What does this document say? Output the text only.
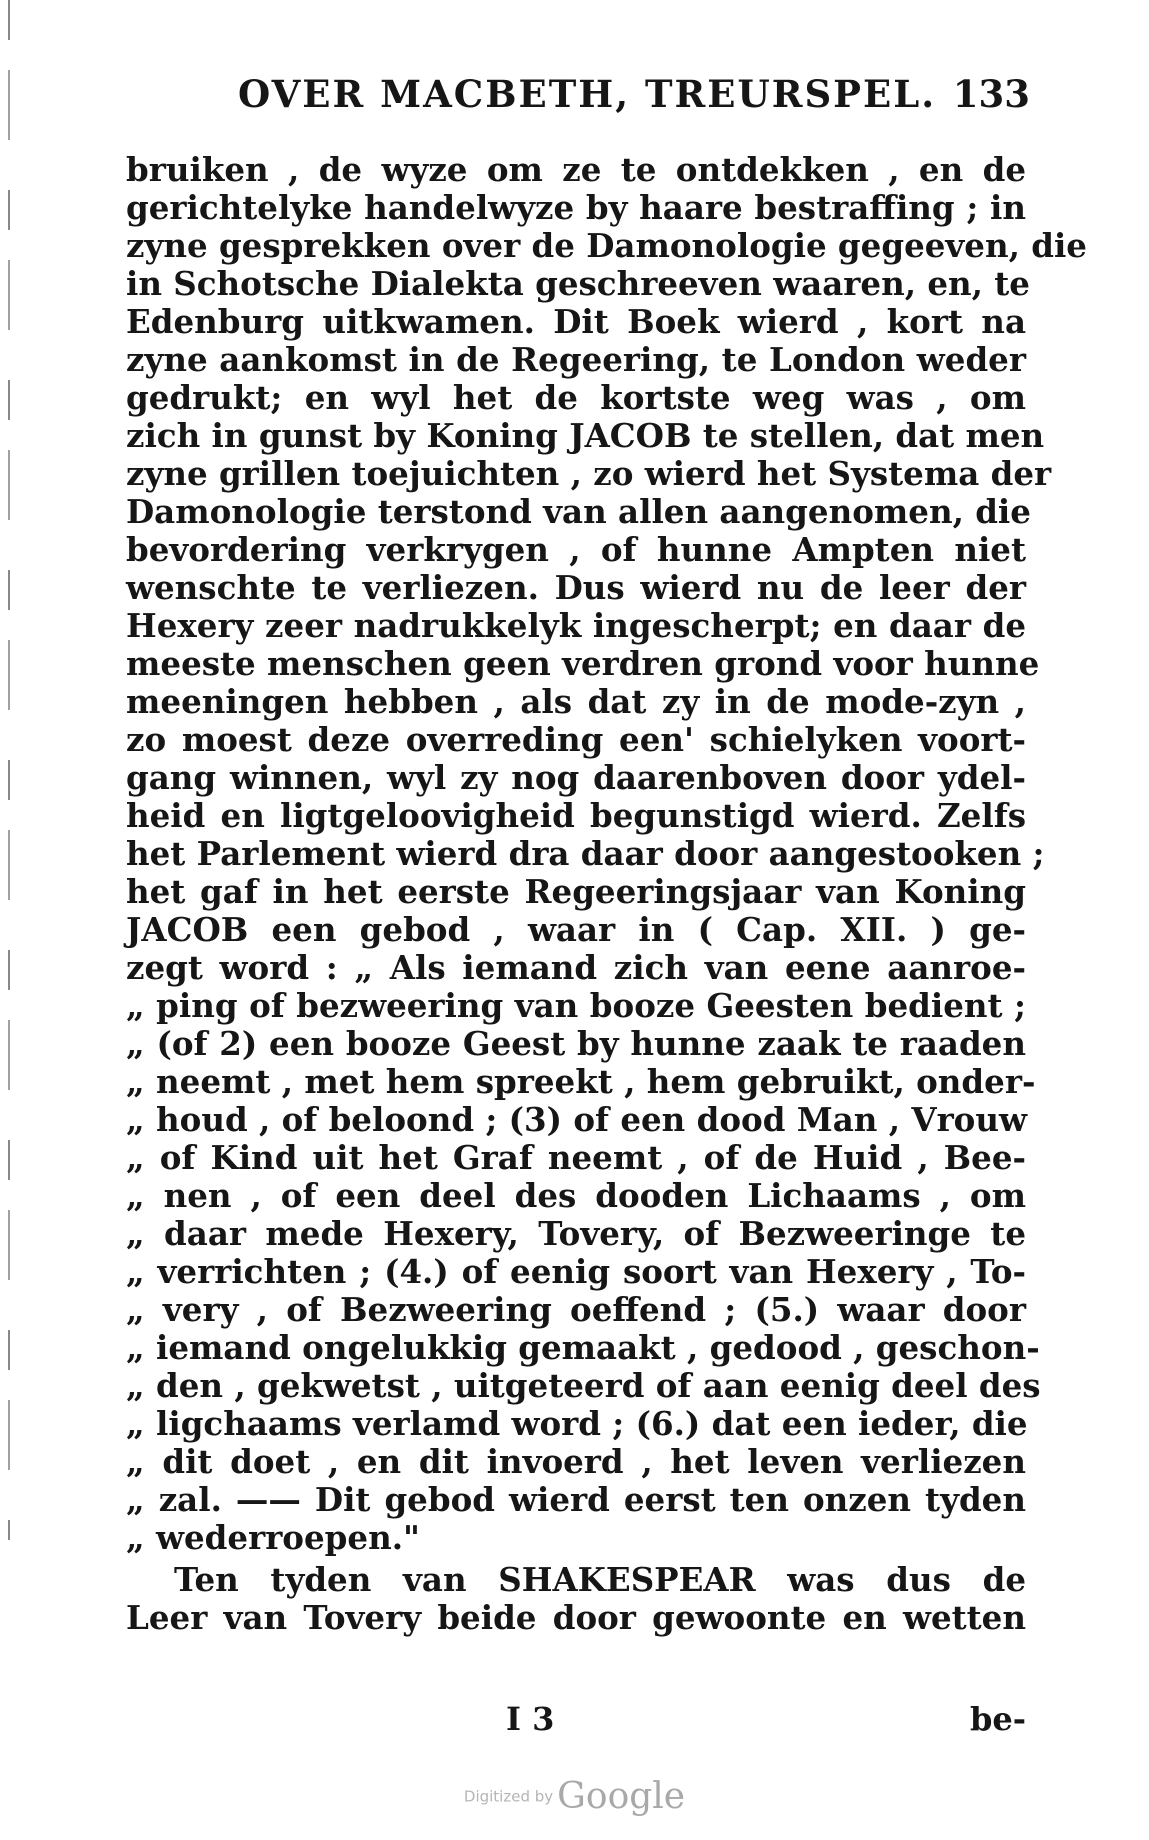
OVER MACBETH, TREURSPEL. 133
bruiken , de wyze om ze te ontdekken , en de
gerichtelyke handelwyze by haare bestraffing ; in
zyne gesprekken over de Damonologie gegeeven, die
in Schotsche Dialekta geschreeven waaren, en, te
Edenburg uitkwamen. Dit Boek wierd , kort na
zyne aankomst in de Regeering, te London weder
gedrukt; en wyl het de kortste weg was , om
zich in gunst by Koning JACOB te stellen, dat men
zyne grillen toejuichten , zo wierd het Systema der
Damonologie terstond van allen aangenomen, die
bevordering verkrygen , of hunne Ampten niet
wenschte te verliezen. Dus wierd nu de leer der
Hexery zeer nadrukkelyk ingescherpt; en daar de
meeste menschen geen verdren grond voor hunne
meeningen hebben , als dat zy in de mode-zyn ,
zo moest deze overreding een' schielyken voort-
gang winnen, wyl zy nog daarenboven door ydel-
heid en ligtgeloovigheid begunstigd wierd. Zelfs
het Parlement wierd dra daar door aangestooken ;
het gaf in het eerste Regeeringsjaar van Koning
JACOB een gebod , waar in ( Cap. XII. ) ge-
zegt word : „ Als iemand zich van eene aanroe-
„ ping of bezweering van booze Geesten bedient ;
„ (of 2) een booze Geest by hunne zaak te raaden
„ neemt , met hem spreekt , hem gebruikt, onder-
„ houd , of beloond ; (3) of een dood Man , Vrouw
„ of Kind uit het Graf neemt , of de Huid , Bee-
„ nen , of een deel des dooden Lichaams , om
„ daar mede Hexery, Tovery, of Bezweeringe te
„ verrichten ; (4.) of eenig soort van Hexery , To-
„ very , of Bezweering oeffend ; (5.) waar door
„ iemand ongelukkig gemaakt , gedood , geschon-
„ den , gekwetst , uitgeteerd of aan eenig deel des
„ ligchaams verlamd word ; (6.) dat een ieder, die
„ dit doet , en dit invoerd , het leven verliezen
„ zal. —— Dit gebod wierd eerst ten onzen tyden
„ wederroepen."
Ten tyden van SHAKESPEAR was dus de
Leer van Tovery beide door gewoonte en wetten
I 3	be-
Digitized by Google
